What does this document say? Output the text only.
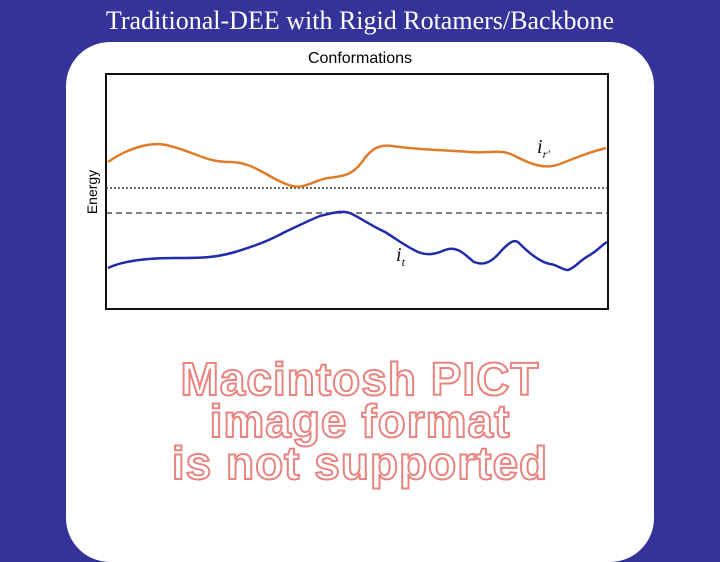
Traditional-DEE with Rigid Rotamers/Backbone
Conformations
Energy
$i_{r'}$
$i_t$
Macintosh PICT
image format
is not supported
